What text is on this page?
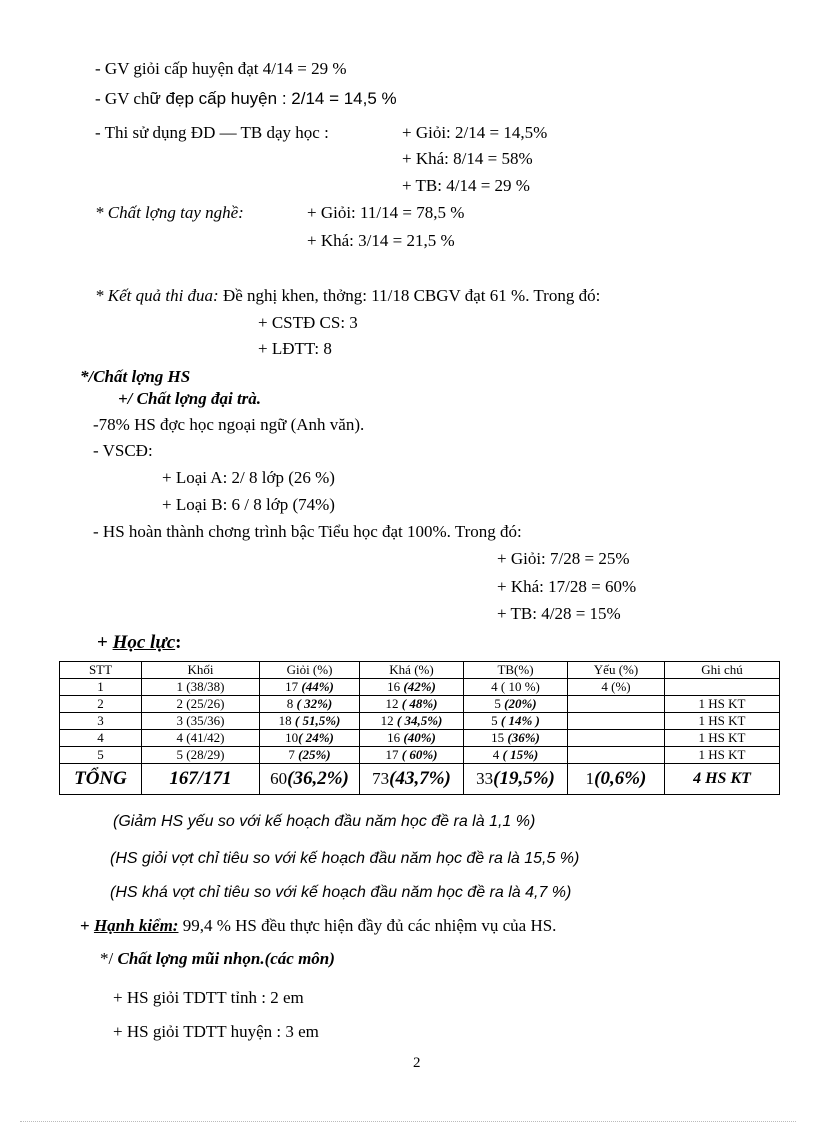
- GV giỏi cấp huyện đạt 4/14 = 29 %
- GV chữ đẹp cấp huyện : 2/14 = 14,5 %
- Thi sử dụng ĐD — TB dạy học :	+ Giỏi: 2/14 = 14,5%
+ Khá: 8/14 = 58%
+ TB: 4/14 = 29 %
* Chất lợng tay nghề:	+ Giỏi: 11/14 = 78,5 %
+ Khá: 3/14 = 21,5 %
* Kết quả thi đua: Đề nghị khen, thởng: 11/18 CBGV đạt 61 %. Trong đó:
+ CSTĐ CS: 3
+ LĐTT: 8
*/Chất lợng HS
+/ Chất lợng đại trà.
-78% HS đợc học ngoại ngữ (Anh văn).
- VSCĐ:
+ Loại A: 2/ 8 lớp (26 %)
+ Loại B: 6 / 8 lớp (74%)
- HS hoàn thành chơng trình bậc Tiểu học đạt 100%. Trong đó:
+ Giỏi: 7/28 = 25%
+ Khá: 17/28 = 60%
+ TB: 4/28 = 15%
+ Học lực:
STT	Khối	Giỏi (%)	Khá (%)	TB(%)	Yếu (%)	Ghi chú
1	1 (38/38)	17 (44%)	16 (42%)	4 ( 10 %)	4 (%)	
2	2 (25/26)	8 ( 32%)	12 ( 48%)	5 (20%)		1 HS KT
3	3 (35/36)	18 ( 51,5%)	12 ( 34,5%)	5 ( 14% )		1 HS KT
4	4 (41/42)	10( 24%)	16 (40%)	15 (36%)		1 HS KT
5	5 (28/29)	7 (25%)	17 ( 60%)	4 ( 15%)		1 HS KT
TỔNG	167/171	60(36,2%)	73(43,7%)	33(19,5%)	1(0,6%)	4 HS KT
(Giảm HS yếu so với kế hoạch đầu năm học đề ra là 1,1 %)
(HS giỏi vợt chỉ tiêu so với kế hoạch đầu năm học đề ra là 15,5 %)
(HS khá vợt chỉ tiêu so với kế hoạch đầu năm học đề ra là 4,7 %)
+ Hạnh kiểm: 99,4 % HS đều thực hiện đầy đủ các nhiệm vụ của HS.
*/ Chất lợng mũi nhọn.(các môn)
+ HS giỏi TDTT tỉnh : 2 em
+ HS giỏi TDTT huyện : 3 em
2
